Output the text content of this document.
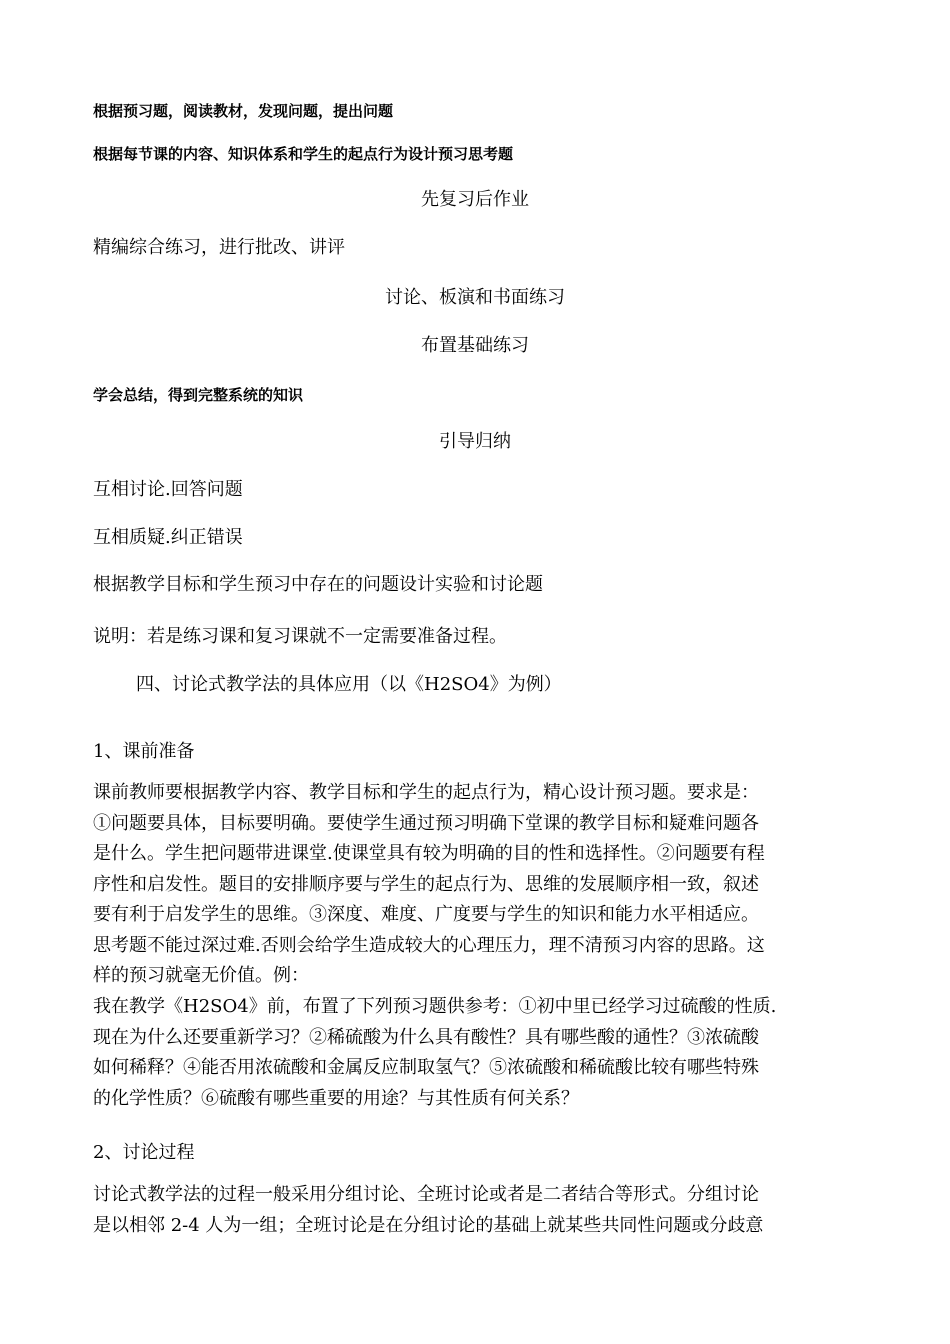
根据预习题，阅读教材，发现问题，提出问题

根据每节课的内容、知识体系和学生的起点行为设计预习思考题

先复习后作业

精编综合练习，进行批改、讲评

讨论、板演和书面练习

布置基础练习

学会总结，得到完整系统的知识

引导归纳

互相讨论.回答问题

互相质疑.纠正错误

根据教学目标和学生预习中存在的问题设计实验和讨论题

说明：若是练习课和复习课就不一定需要准备过程。

四、讨论式教学法的具体应用（以《H2SO4》为例）

1、课前准备

课前教师要根据教学内容、教学目标和学生的起点行为，精心设计预习题。要求是：
①问题要具体，目标要明确。要使学生通过预习明确下堂课的教学目标和疑难问题各
是什么。学生把问题带进课堂.使课堂具有较为明确的目的性和选择性。②问题要有程
序性和启发性。题目的安排顺序要与学生的起点行为、思维的发展顺序相一致，叙述
要有利于启发学生的思维。③深度、难度、广度要与学生的知识和能力水平相适应。
思考题不能过深过难.否则会给学生造成较大的心理压力，理不清预习内容的思路。这
样的预习就毫无价值。例：
我在教学《H2SO4》前，布置了下列预习题供参考：①初中里已经学习过硫酸的性质.
现在为什么还要重新学习？②稀硫酸为什么具有酸性？具有哪些酸的通性？③浓硫酸
如何稀释？④能否用浓硫酸和金属反应制取氢气？⑤浓硫酸和稀硫酸比较有哪些特殊
的化学性质？⑥硫酸有哪些重要的用途？与其性质有何关系？

2、讨论过程

讨论式教学法的过程一般采用分组讨论、全班讨论或者是二者结合等形式。分组讨论
是以相邻 2-4 人为一组；全班讨论是在分组讨论的基础上就某些共同性问题或分歧意
